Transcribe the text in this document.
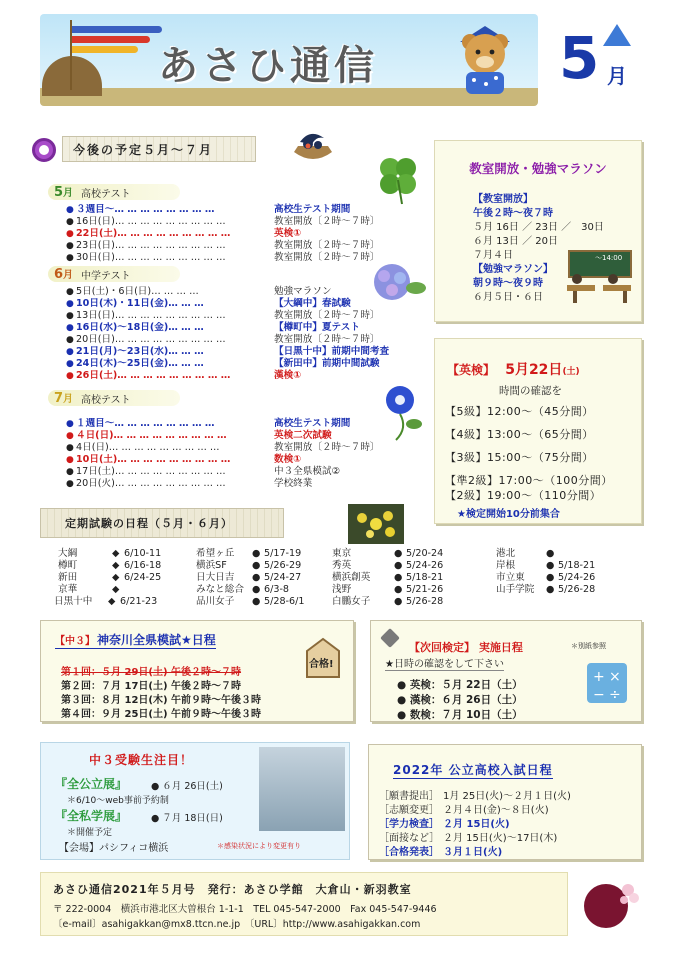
あさひ通信	5 月
今後の予定５月～７月
5月 高校テスト
● ３週目～… … … … … … … …	高校生テスト期間
● 16日(日)… … … … … … … … …	教室開放〔２時～７時〕
● 22日(土)… … … … … … … … …	英検①
● 23日(日)… … … … … … … … …	教室開放〔２時～７時〕
● 30日(日)… … … … … … … … …	教室開放〔２時～７時〕
6月 中学テスト
● 5日(土)・6日(日)… … … …	勉強マラソン
● 10日(木)・11日(金)… … …	【大綱中】春試験
● 13日(日)… … … … … … … … …	教室開放〔２時～７時〕
● 16日(水)～18日(金)… … …	【樽町中】夏テスト
● 20日(日)… … … … … … … … …	教室開放〔２時～７時〕
● 21日(月)～23日(水)… … …	【日黒十中】前期中間考査
● 24日(木)～25日(金)… … …	【新田中】前期中間試験
● 26日(土)… … … … … … … … …	漢検①
7月 高校テスト
● １週目～… … … … … … … …	高校生テスト期間
● ４日(日)… … … … … … … … …	英検二次試験
● 4日(日)… … … … … … … … …	教室開放〔２時～７時〕
● 10日(土)… … … … … … … … …	数検①
● 17日(土)… … … … … … … … …	中３全県模試②
● 20日(火)… … … … … … … … …	学校終業
教室開放・勉強マラソン
【教室開放】
午後２時～夜７時
５月 16日 ／ 23日 ／　30日
６月 13日 ／ 20日
７月４日
【勉強マラソン】
朝９時～夜９時
６月５日・６日
～14:00
【英検】 5月22日(土)
時間の確認を
【5級】12:00～（45分間）
【4級】13:00～（65分間）
【3級】15:00～（75分間）
【準2級】17:00～（100分間）
【2級】19:00～（110分間）
★検定開始10分前集合
定期試験の日程（５月・６月）
大綱	◆ 6/10-11
樽町	◆ 6/16-18
新田	◆ 6/24-25
京華	◆
日黒十中	◆ 6/21-23
希望ヶ丘	● 5/17-19
横浜SF	● 5/26-29
日大日吉	● 5/24-27
みなと総合 ● 6/3-8
品川女子	● 5/28-6/1
東京	● 5/20-24
秀英	● 5/24-26
横浜創英	● 5/18-21
浅野	● 5/21-26
白鵬女子	● 5/26-28
港北	●
岸根	● 5/18-21
市立東	● 5/24-26
山手学院	● 5/26-28
【中３】 神奈川全県模試★日程
第１回：５月 29日(土) 午後２時～７時
第２回：７月 17日(土) 午後２時～７時
第３回：８月 12日(木) 午前９時～午後３時
第４回：９月 25日(土) 午前９時～午後３時
合格!
【次回検定】 実施日程	＊別紙参照
★日時の確認をして下さい
● 英検：５月 22日（土）
● 漢検：６月 26日（土）
● 数検：７月 10日（土）
+ ×
− ÷
中３受験生注目！
『全公立展』	● ６月 26日(土)
＊6/10～web事前予約制
『全私学展』	● ７月 18日(日)
＊開催予定
【会場】パシフィコ横浜	＊感染状況により変更有り
2022年 公立高校入試日程
［願書提出］ 1月 25日(火)～２月１日(火)
［志願変更］ ２月４日(金)～８日(火)
［学力検査］ ２月 15日(火)
［面接など］ ２月 15日(火)～17日(木)
［合格発表］ ３月１日(火)
あさひ通信2021年５月号　発行：あさひ学館　大倉山・新羽教室
〒 222-0004　横浜市港北区大曽根台 1-1-1　TEL 045-547-2000　Fax 045-547-9446
〔e-mail〕asahigakkan@mx8.ttcn.ne.jp　〔URL〕http://www.asahigakkan.com
